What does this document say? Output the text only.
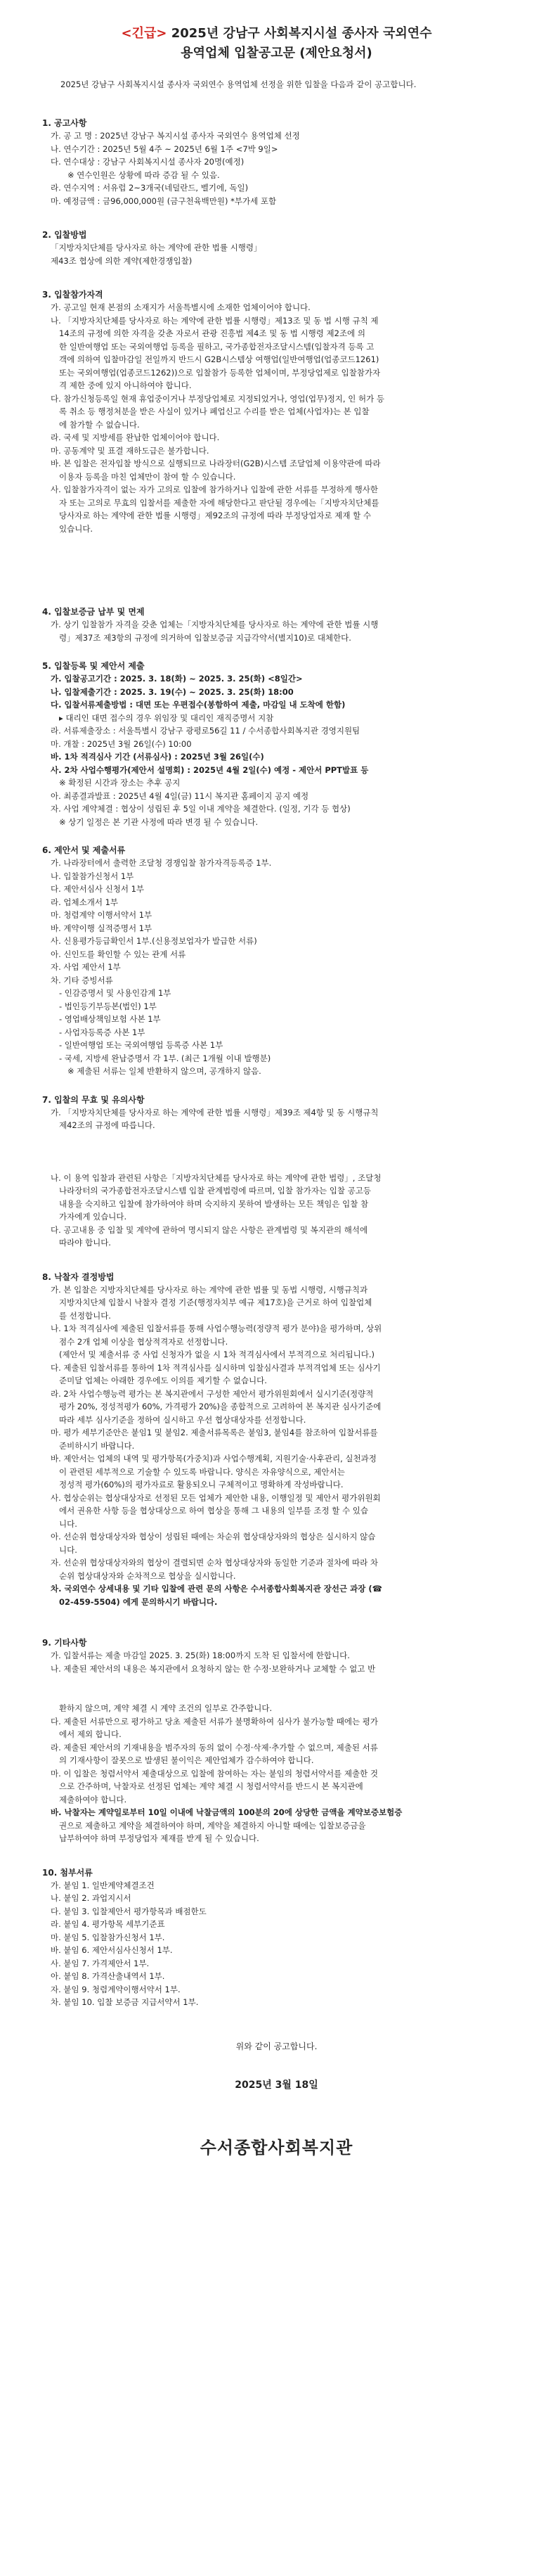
<긴급> 2025년 강남구 사회복지시설 종사자 국외연수
용역업체 입찰공고문 (제안요청서)
2025년 강남구 사회복지시설 종사자 국외연수 용역업체 선정을 위한 입찰을 다음과 같이 공고합니다.
1. 공고사항
가. 공 고 명 : 2025년 강남구 복지시설 종사자 국외연수 용역업체 선정
나. 연수기간 : 2025년 5월 4주 ~ 2025년 6월 1주 <7박 9일>
다. 연수대상 : 강남구 사회복지시설 종사자 20명(예정)
※ 연수인원은 상황에 따라 증감 될 수 있음.
라. 연수지역 : 서유럽 2~3개국(네덜란드, 벨기에, 독일)
마. 예정금액 : 금96,000,000원 (금구천육백만원) *부가세 포함
2. 입찰방법
「지방자치단체를 당사자로 하는 계약에 관한 법률 시행령」
제43조 협상에 의한 계약(제한경쟁입찰)
3. 입찰참가자격
가. 공고일 현재 본점의 소재지가 서울특별시에 소재한 업체이어야 합니다.
나. 「지방자치단체를 당사자로 하는 계약에 관한 법률 시행령」제13조 및 동 법 시행 규칙 제
14조의 규정에 의한 자격을 갖춘 자로서 관광 진흥법 제4조 및 동 법 시행령 제2조에 의
한 일반여행업 또는 국외여행업 등록을 필하고, 국가종합전자조달시스템(입찰자격 등록 고
객에 의하여 입찰마감일 전일까지 반드시 G2B시스템상 여행업(일반여행업(업종코드1261)
또는 국외여행업(업종코드1262))으로 입찰참가 등록한 업체이며, 부정당업제로 입찰참가자
격 제한 중에 있지 아니하여야 합니다.
다. 참가신청등록일 현재 휴업중이거나 부정당업체로 지정되었거나, 영업(업무)정지, 인 허가 등
록 취소 등 행정처분을 받은 사실이 있거나 폐업신고 수리를 받은 업체(사업자)는 본 입찰
에 참가할 수 없습니다.
라. 국세 및 지방세를 완납한 업체이어야 합니다.
마. 공동계약 및 표결 재하도급은 불가합니다.
바. 본 입찰은 전자입찰 방식으로 실행되므로 나라장터(G2B)시스템 조달업체 이용약관에 따라
이용자 등록을 마친 업체만이 참여 할 수 있습니다.
사. 입찰참가자격이 없는 자가 고의로 입찰에 참가하거나 입찰에 관한 서류를 부정하게 행사한
자 또는 고의로 무효의 입찰서를 제출한 자에 해당한다고 판단될 경우에는「지방자치단체를
당사자로 하는 계약에 관한 법률 시행령」제92조의 규정에 따라 부정당업자로 제재 할 수
있습니다.
4. 입찰보증금 납부 및 면제
가. 상기 입찰참가 자격을 갖춘 업체는「지방자치단체를 당사자로 하는 계약에 관한 법률 시행
령」제37조 제3항의 규정에 의거하여 입찰보증금 지급각약서(별지10)로 대체한다.
5. 입찰등록 및 제안서 제출
가. 입찰공고기간 : 2025. 3. 18(화) ~ 2025. 3. 25(화) <8일간>
나. 입찰제출기간 : 2025. 3. 19(수) ~ 2025. 3. 25(화) 18:00
다. 입찰서류제출방법 : 대면 또는 우편접수(봉함하여 제출, 마감일 내 도착에 한함)
▸ 대리인 대면 접수의 경우 위임장 및 대리인 재직증명서 지참
라. 서류제출장소 : 서울특별시 강남구 광평로56길 11 / 수서종합사회복지관 경영지원팀
마. 개찰 : 2025년 3월 26일(수) 10:00
바. 1차 적격심사 기간 (서류심사) : 2025년 3월 26일(수)
사. 2차 사업수행평가(제안서 설명회) : 2025년 4월 2일(수) 예정 - 제안서 PPT발표 등
※ 확정된 시간과 장소는 추후 공지
아. 최종결과발표 : 2025년 4월 4일(금) 11시 복지관 홈페이지 공지 예정
자. 사업 계약체결 : 협상이 성립된 후 5일 이내 계약을 체결한다. (일정, 기각 등 협상)
※ 상기 일정은 본 기관 사정에 따라 변경 될 수 있습니다.
6. 제안서 및 제출서류
가. 나라장터에서 출력한 조달청 경쟁입찰 참가자격등록증 1부.
나. 입찰참가신청서 1부
다. 제안서심사 신청서 1부
라. 업체소개서 1부
마. 청렴계약 이행서약서 1부
바. 계약이행 실적증명서 1부
사. 신용평가등급확인서 1부.(신용정보업자가 발급한 서류)
아. 신인도를 확인할 수 있는 관계 서류
자. 사업 제안서 1부
차. 기타 증빙서류
- 인감증명서 및 사용인감계 1부
- 법인등기부등본(법인) 1부
- 영업배상책임보험 사본 1부
- 사업자등록증 사본 1부
- 일반여행업 또는 국외여행업 등록증 사본 1부
- 국세, 지방세 완납증명서 각 1부. (최근 1개월 이내 발행분)
※ 제출된 서류는 일체 반환하지 않으며, 공개하지 않음.
7. 입찰의 무효 및 유의사항
가. 「지방자치단체를 당사자로 하는 계약에 관한 법률 시행령」제39조 제4항 및 동 시행규칙
제42조의 규정에 따릅니다.
나. 이 용역 입찰과 관련된 사항은「지방자치단체를 당사자로 하는 계약에 관한 법령」, 조달청
나라장터의 국가종합전자조달시스템 입찰 관계법령에 따르며, 입찰 참가자는 입찰 공고등
내용을 숙지하고 입찰에 참가하여야 하며 숙지하지 못하여 발생하는 모든 책임은 입찰 참
가자에게 있습니다.
다. 공고내용 중 입찰 및 계약에 관하여 명시되지 않은 사항은 관계법령 및 복지관의 해석에
따라야 합니다.
8. 낙찰자 결정방법
가. 본 입찰은 지방자치단체를 당사자로 하는 계약에 관한 법률 및 동법 시행령, 시행규칙과
지방자치단체 입찰시 낙찰자 결정 기준(행정자치부 예규 제17호)을 근거로 하여 입찰업체
를 선정합니다.
나. 1차 적격심사에 제출된 입찰서류를 통해 사업수행능력(정량적 평가 분야)을 평가하며, 상위
점수 2개 업체 이상을 협상적격자로 선정합니다.
(제안서 및 제출서류 중 사업 신청자가 없을 시 1차 적격심사에서 부적격으로 처리됩니다.)
다. 제출된 입찰서류를 통하여 1차 적격심사를 실시하며 입찰심사결과 부적격업체 또는 심사기
준미달 업체는 아래한 경우에도 이의를 제기할 수 없습니다.
라. 2차 사업수행능력 평가는 본 복지관에서 구성한 제안서 평가위원회에서 실시기준(정량적
평가 20%, 정성적평가 60%, 가격평가 20%)을 종합적으로 고려하여 본 복지관 심사기준에
따라 세부 심사기준을 정하여 실시하고 우선 협상대상자를 선정합니다.
마. 평가 세부기준안은 붙임1 및 붙임2. 제출서류목록은 붙임3, 붙임4를 참조하여 입찰서류를
준비하시기 바랍니다.
바. 제안서는 업체의 내역 및 평가항목(가중치)과 사업수행계획, 지원기술·사후관리, 실천과정
이 관련된 세부적으로 기술할 수 있도록 바랍니다. 양식은 자유양식으로, 제안서는
정성적 평가(60%)의 평가자료로 활용되오니 구체적이고 명확하게 작성바랍니다.
사. 협상순위는 협상대상자로 선정된 모든 업체가 제안한 내용, 이행일정 및 제안서 평가위원회
에서 권유한 사항 등을 협상대상으로 하여 협상을 통해 그 내용의 일부를 조정 할 수 있습
니다.
아. 선순위 협상대상자와 협상이 성립된 때에는 차순위 협상대상자와의 협상은 실시하지 않습
니다.
자. 선순위 협상대상자와의 협상이 결렬되면 순차 협상대상자와 동일한 기준과 절차에 따라 차
순위 협상대상자와 순차적으로 협상을 실시합니다.
차. 국외연수 상세내용 및 기타 입찰에 관련 문의 사항은 수서종합사회복지관 장선근 과장 (☎
02-459-5504) 에게 문의하시기 바랍니다.
9. 기타사항
가. 입찰서류는 제출 마감일 2025. 3. 25(화) 18:00까지 도착 된 입찰서에 한합니다.
나. 제출된 제안서의 내용은 복지관에서 요청하지 않는 한 수정·보완하거나 교체할 수 없고 반
환하지 않으며, 계약 체결 시 계약 조건의 일부로 간주합니다.
다. 제출된 서류만으로 평가하고 당초 제출된 서류가 불명확하여 심사가 불가능할 때에는 평가
에서 제외 합니다.
라. 제출된 제안서의 기재내용을 범주자의 동의 없이 수정·삭제·추가할 수 없으며, 제출된 서류
의 기재사항이 잘못으로 발생된 불이익은 제안업체가 감수하여야 합니다.
마. 이 입찰은 청렴서약서 제출대상으로 입찰에 참여하는 자는 붙임의 청렴서약서를 제출한 것
으로 간주하며, 낙찰자로 선정된 업체는 계약 체결 시 청렴서약서를 반드시 본 복지관에
제출하여야 합니다.
바. 낙찰자는 계약일로부터 10일 이내에 낙찰금액의 100분의 20에 상당한 금액을 계약보증보험증
권으로 제출하고 계약을 체결하여야 하며, 계약을 체결하지 아니할 때에는 입찰보증금을
납부하여야 하며 부정당업자 제재를 받게 될 수 있습니다.
10. 첨부서류
가. 붙임 1. 일반계약체결조건
나. 붙임 2. 과업지시서
다. 붙임 3. 입찰제안서 평가항목과 배점한도
라. 붙임 4. 평가항목 세부기준표
마. 붙임 5. 입찰참가신청서 1부.
바. 붙임 6. 제안서심사신청서 1부.
사. 붙임 7. 가격제안서 1부.
아. 붙임 8. 가격산출내역서 1부.
자. 붙임 9. 청렴계약이행서약서 1부.
차. 붙임 10. 입찰 보증금 지급서약서 1부.
위와 같이 공고합니다.
2025년 3월 18일
수서종합사회복지관
